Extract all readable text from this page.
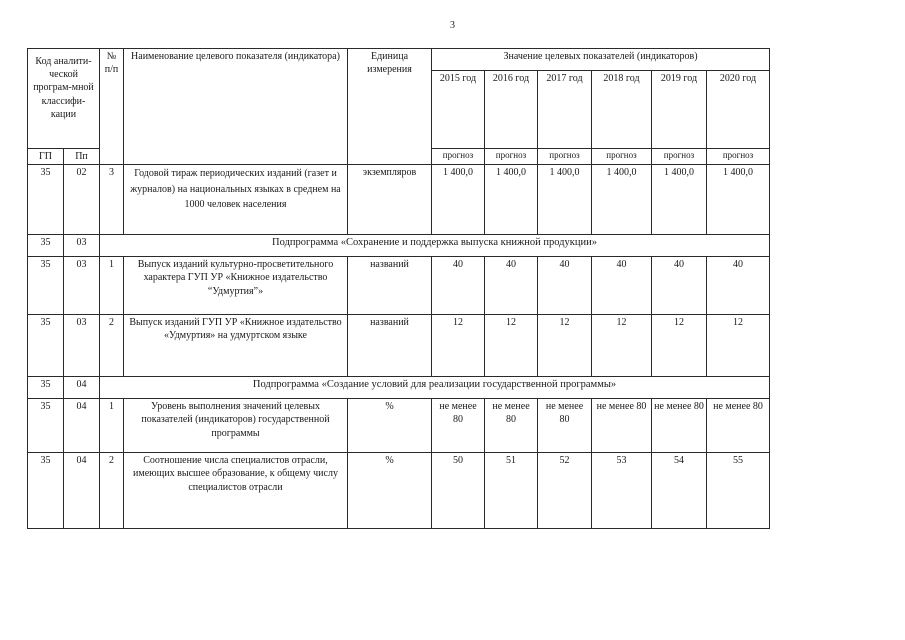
3
Код аналити-ческой програм-мной классифи-кации		№ п/п	Наименование целевого показателя (индикатора)	Единица измерения	Значение целевых показателей (индикаторов)					
					2015 год	2016 год	2017 год	2018 год	2019 год	2020 год
ГП	Пп				прогноз	прогноз	прогноз	прогноз	прогноз	прогноз
35	02	3	Годовой тираж периодических изданий (газет и журналов) на национальных языках в среднем на 1000 человек населения	экземпляров	1 400,0	1 400,0	1 400,0	1 400,0	1 400,0	1 400,0
35	03	Подпрограмма «Сохранение и поддержка выпуска книжной продукции»								
35	03	1	Выпуск изданий культурно-просветительного характера ГУП УР «Книжное издательство “Удмуртия”»	названий	40	40	40	40	40	40
35	03	2	Выпуск изданий ГУП УР «Книжное издательство «Удмуртия» на удмуртском языке	названий	12	12	12	12	12	12
35	04	Подпрограмма «Создание условий для реализации государственной программы»								
35	04	1	Уровень выполнения значений целевых показателей (индикаторов) государственной программы	%	не менее 80	не менее 80	не менее 80	не менее 80	не менее 80	не менее 80
35	04	2	Соотношение числа специалистов отрасли, имеющих высшее образование, к общему числу специалистов отрасли	%	50	51	52	53	54	55
